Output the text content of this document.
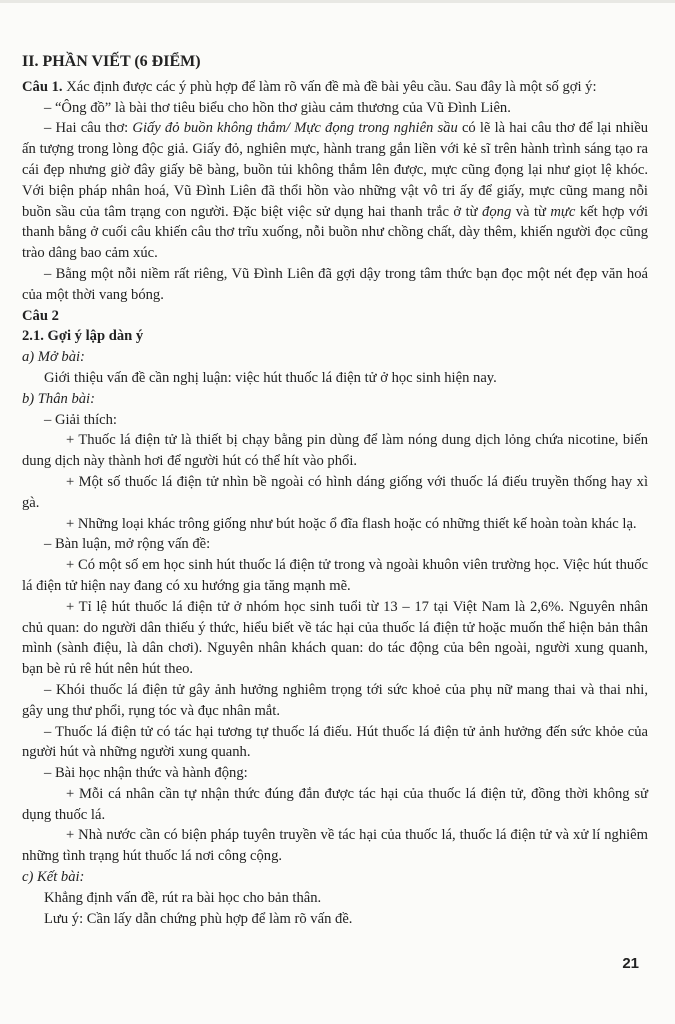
II. PHẦN VIẾT (6 ĐIỂM)

Câu 1. Xác định được các ý phù hợp để làm rõ vấn đề mà đề bài yêu cầu. Sau đây là một số gợi ý:

– “Ông đồ” là bài thơ tiêu biểu cho hồn thơ giàu cảm thương của Vũ Đình Liên.

– Hai câu thơ: Giấy đỏ buồn không thắm/ Mực đọng trong nghiên sầu có lẽ là hai câu thơ để lại nhiều ấn tượng trong lòng độc giả. Giấy đỏ, nghiên mực, hành trang gắn liền với kẻ sĩ trên hành trình sáng tạo ra cái đẹp nhưng giờ đây giấy bẽ bàng, buồn tủi không thắm lên được, mực cũng đọng lại như giọt lệ khóc. Với biện pháp nhân hoá, Vũ Đình Liên đã thổi hồn vào những vật vô tri ấy để giấy, mực cũng mang nỗi buồn sầu của tâm trạng con người. Đặc biệt việc sử dụng hai thanh trắc ở từ đọng và từ mực kết hợp với thanh bằng ở cuối câu khiến câu thơ trĩu xuống, nỗi buồn như chồng chất, dày thêm, khiến người đọc cũng trào dâng bao cảm xúc.

– Bằng một nỗi niềm rất riêng, Vũ Đình Liên đã gợi dậy trong tâm thức bạn đọc một nét đẹp văn hoá của một thời vang bóng.

Câu 2

2.1. Gợi ý lập dàn ý

a) Mở bài:

Giới thiệu vấn đề cần nghị luận: việc hút thuốc lá điện tử ở học sinh hiện nay.

b) Thân bài:

– Giải thích:

+ Thuốc lá điện tử là thiết bị chạy bằng pin dùng để làm nóng dung dịch lỏng chứa nicotine, biến dung dịch này thành hơi để người hút có thể hít vào phổi.

+ Một số thuốc lá điện tử nhìn bề ngoài có hình dáng giống với thuốc lá điếu truyền thống hay xì gà.

+ Những loại khác trông giống như bút hoặc ổ đĩa flash hoặc có những thiết kế hoàn toàn khác lạ.

– Bàn luận, mở rộng vấn đề:

+ Có một số em học sinh hút thuốc lá điện tử trong và ngoài khuôn viên trường học. Việc hút thuốc lá điện tử hiện nay đang có xu hướng gia tăng mạnh mẽ.

+ Tỉ lệ hút thuốc lá điện tử ở nhóm học sinh tuổi từ 13 – 17 tại Việt Nam là 2,6%. Nguyên nhân chủ quan: do người dân thiếu ý thức, hiểu biết về tác hại của thuốc lá điện tử hoặc muốn thể hiện bản thân mình (sành điệu, là dân chơi). Nguyên nhân khách quan: do tác động của bên ngoài, người xung quanh, bạn bè rủ rê hút nên hút theo.

– Khói thuốc lá điện tử gây ảnh hưởng nghiêm trọng tới sức khoẻ của phụ nữ mang thai và thai nhi, gây ung thư phổi, rụng tóc và đục nhân mắt.

– Thuốc lá điện tử có tác hại tương tự thuốc lá điếu. Hút thuốc lá điện tử ảnh hưởng đến sức khỏe của người hút và những người xung quanh.

– Bài học nhận thức và hành động:

+ Mỗi cá nhân cần tự nhận thức đúng đắn được tác hại của thuốc lá điện tử, đồng thời không sử dụng thuốc lá.

+ Nhà nước cần có biện pháp tuyên truyền về tác hại của thuốc lá, thuốc lá điện tử và xử lí nghiêm những tình trạng hút thuốc lá nơi công cộng.

c) Kết bài:

Khẳng định vấn đề, rút ra bài học cho bản thân.

Lưu ý: Cần lấy dẫn chứng phù hợp để làm rõ vấn đề.

21
